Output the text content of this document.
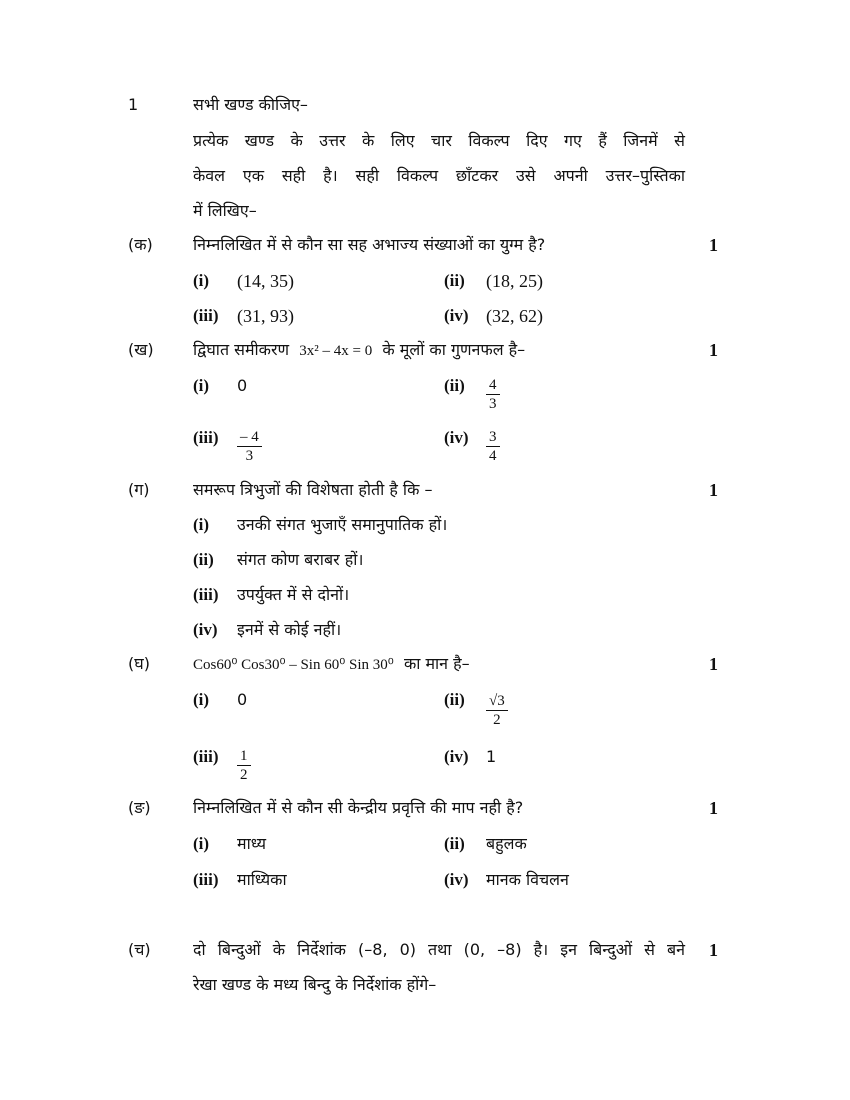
1	सभी खण्ड कीजिए–
प्रत्येक खण्ड के उत्तर के लिए चार विकल्प दिए गए हैं जिनमें से
केवल एक सही है। सही विकल्प छाँटकर उसे अपनी उत्तर–पुस्तिका
में लिखिए–
(क)	निम्नलिखित में से कौन सा सह अभाज्य संख्याओं का युग्म है?	1
(i) (14, 35)	(ii) (18, 25)
(iii) (31, 93)	(iv) (32, 62)
(ख) द्विघात समीकरण 3x² – 4x = 0 के मूलों का गुणनफल है–	1
(i) 0	$(ii) \frac{4}{3}$
$(iii) \frac{- 4}{3}$	$(iv) \frac{3}{4}$
(ग)	समरूप त्रिभुजों की विशेषता होती है कि –	1
(i) उनकी संगत भुजाएँ समानुपातिक हों।
(ii) संगत कोण बराबर हों।
(iii) उपर्युक्त में से दोनों।
(iv) इनमें से कोई नहीं।
(घ)	Cos60⁰ Cos30⁰ – Sin 60⁰ Sin 30⁰ का मान है–	1
(i) 0	$(ii) \frac{√3}{2}$
$(iii) \frac{1}{2}$	(iv) 1
(ङ)	निम्नलिखित में से कौन सी केन्द्रीय प्रवृत्ति की माप नही है?	1
(i) माध्य	(ii) बहुलक
(iii) माध्यिका	(iv) मानक विचलन
(च)	दो बिन्दुओं के निर्देशांक (–8, 0) तथा (0, –8) है। इन बिन्दुओं से बने 1
रेखा खण्ड के मध्य बिन्दु के निर्देशांक होंगे–
